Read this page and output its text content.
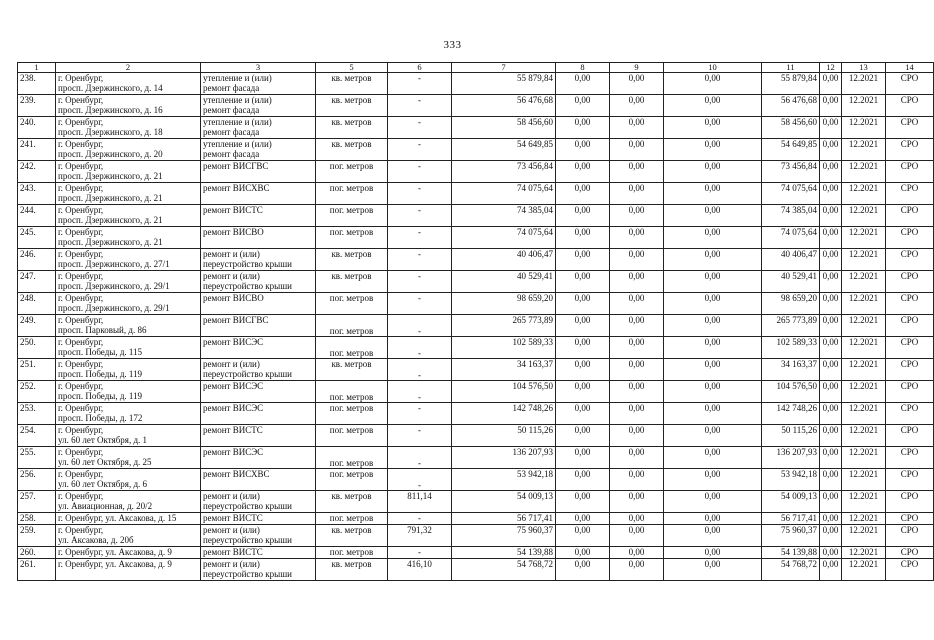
333
1	2	3	5	6	7	8	9	10	11	12	13	14
238.	г. Оренбург,
просп. Дзержинского, д. 14	утепление и (или)
ремонт фасада	кв. метров	-	55 879,84	0,00	0,00	0,00	55 879,84	0,00	12.2021	СРО
239.	г. Оренбург,
просп. Дзержинского, д. 16	утепление и (или)
ремонт фасада	кв. метров	-	56 476,68	0,00	0,00	0,00	56 476,68	0,00	12.2021	СРО
240.	г. Оренбург,
просп. Дзержинского, д. 18	утепление и (или)
ремонт фасада	кв. метров	-	58 456,60	0,00	0,00	0,00	58 456,60	0,00	12.2021	СРО
241.	г. Оренбург,
просп. Дзержинского, д. 20	утепление и (или)
ремонт фасада	кв. метров	-	54 649,85	0,00	0,00	0,00	54 649,85	0,00	12.2021	СРО
242.	г. Оренбург,
просп. Дзержинского, д. 21	ремонт ВИСГВС	пог. метров	-	73 456,84	0,00	0,00	0,00	73 456,84	0,00	12.2021	СРО
243.	г. Оренбург,
просп. Дзержинского, д. 21	ремонт ВИСХВС	пог. метров	-	74 075,64	0,00	0,00	0,00	74 075,64	0,00	12.2021	СРО
244.	г. Оренбург,
просп. Дзержинского, д. 21	ремонт ВИСТС	пог. метров	-	74 385,04	0,00	0,00	0,00	74 385,04	0,00	12.2021	СРО
245.	г. Оренбург,
просп. Дзержинского, д. 21	ремонт ВИСВО	пог. метров	-	74 075,64	0,00	0,00	0,00	74 075,64	0,00	12.2021	СРО
246.	г. Оренбург,
просп. Дзержинского, д. 27/1	ремонт и (или)
переустройство крыши	кв. метров	-	40 406,47	0,00	0,00	0,00	40 406,47	0,00	12.2021	СРО
247.	г. Оренбург,
просп. Дзержинского, д. 29/1	ремонт и (или)
переустройство крыши	кв. метров	-	40 529,41	0,00	0,00	0,00	40 529,41	0,00	12.2021	СРО
248.	г. Оренбург,
просп. Дзержинского, д. 29/1	ремонт ВИСВО	пог. метров	-	98 659,20	0,00	0,00	0,00	98 659,20	0,00	12.2021	СРО
249.	г. Оренбург,
просп. Парковый, д. 86	ремонт ВИСГВС	пог. метров	-	265 773,89	0,00	0,00	0,00	265 773,89	0,00	12.2021	СРО
250.	г. Оренбург,
просп. Победы, д. 115	ремонт ВИСЭС	пог. метров	-	102 589,33	0,00	0,00	0,00	102 589,33	0,00	12.2021	СРО
251.	г. Оренбург,
просп. Победы, д. 119	ремонт и (или)
переустройство крыши	кв. метров	-	34 163,37	0,00	0,00	0,00	34 163,37	0,00	12.2021	СРО
252.	г. Оренбург,
просп. Победы, д. 119	ремонт ВИСЭС	пог. метров	-	104 576,50	0,00	0,00	0,00	104 576,50	0,00	12.2021	СРО
253.	г. Оренбург,
просп. Победы, д. 172	ремонт ВИСЭС	пог. метров	-	142 748,26	0,00	0,00	0,00	142 748,26	0,00	12.2021	СРО
254.	г. Оренбург,
ул. 60 лет Октября, д. 1	ремонт ВИСТС	пог. метров	-	50 115,26	0,00	0,00	0,00	50 115,26	0,00	12.2021	СРО
255.	г. Оренбург,
ул. 60 лет Октября, д. 25	ремонт ВИСЭС	пог. метров	-	136 207,93	0,00	0,00	0,00	136 207,93	0,00	12.2021	СРО
256.	г. Оренбург,
ул. 60 лет Октября, д. 6	ремонт ВИСХВС	пог. метров	-	53 942,18	0,00	0,00	0,00	53 942,18	0,00	12.2021	СРО
257.	г. Оренбург,
ул. Авиационная, д. 20/2	ремонт и (или)
переустройство крыши	кв. метров	811,14	54 009,13	0,00	0,00	0,00	54 009,13	0,00	12.2021	СРО
258.	г. Оренбург, ул. Аксакова, д. 15	ремонт ВИСТС	пог. метров	-	56 717,41	0,00	0,00	0,00	56 717,41	0,00	12.2021	СРО
259.	г. Оренбург,
ул. Аксакова, д. 20б	ремонт и (или)
переустройство крыши	кв. метров	791,32	75 960,37	0,00	0,00	0,00	75 960,37	0,00	12.2021	СРО
260.	г. Оренбург, ул. Аксакова, д. 9	ремонт ВИСТС	пог. метров	-	54 139,88	0,00	0,00	0,00	54 139,88	0,00	12.2021	СРО
261.	г. Оренбург, ул. Аксакова, д. 9	ремонт и (или)
переустройство крыши	кв. метров	416,10	54 768,72	0,00	0,00	0,00	54 768,72	0,00	12.2021	СРО
